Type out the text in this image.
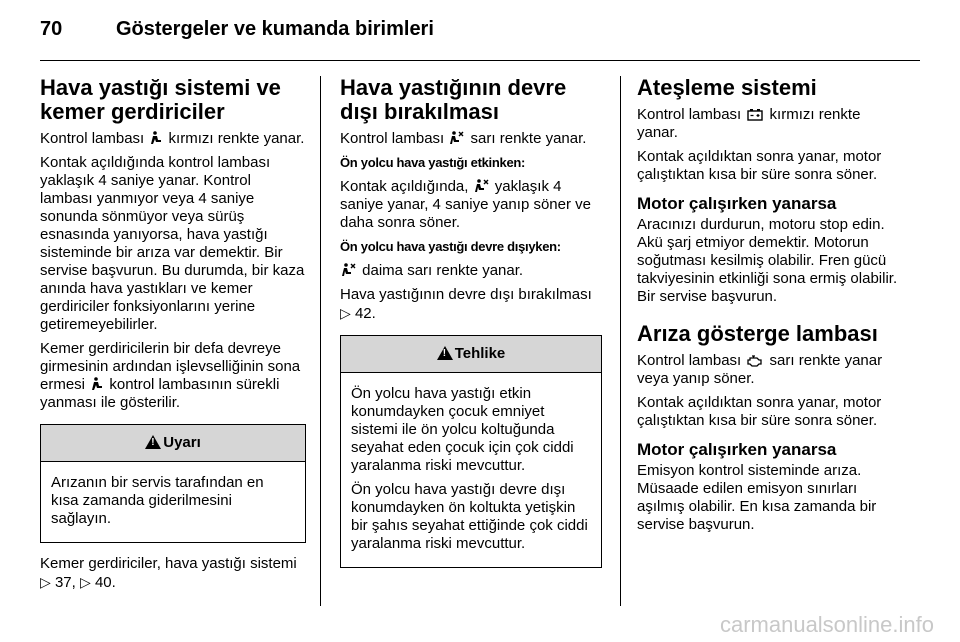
70	Göstergeler ve kumanda birimleri
Hava yastığı sistemi ve kemer gerdiriciler

Kontrol lambası  kırmızı renkte yanar.

Kontak açıldığında kontrol lambası yaklaşık 4 saniye yanar. Kontrol lambası yanmıyor veya 4 saniye sonunda sönmüyor veya sürüş esnasında yanıyorsa, hava yastığı sisteminde bir arıza var demektir. Bir servise başvurun. Bu durumda, bir kaza anında hava yastıkları ve kemer gerdiriciler fonksiyonlarını yerine getiremeyebilirler.

Kemer gerdiricilerin bir defa devreye girmesinin ardından işlevselliğinin sona ermesi  kontrol lambasının sürekli yanması ile gösterilir.

! Uyarı

Arızanın bir servis tarafından en kısa zamanda giderilmesini sağlayın.

Kemer gerdiriciler, hava yastığı sistemi ▷ 37, ▷ 40.

Hava yastığının devre dışı bırakılması

Kontrol lambası  sarı renkte yanar.

Ön yolcu hava yastığı etkinken:

Kontak açıldığında,  yaklaşık 4 saniye yanar, 4 saniye yanıp söner ve daha sonra söner.

Ön yolcu hava yastığı devre dışıyken:

daima sarı renkte yanar.

Hava yastığının devre dışı bırakılması ▷ 42.

! Tehlike

Ön yolcu hava yastığı etkin konumdayken çocuk emniyet sistemi ile ön yolcu koltuğunda seyahat eden çocuk için çok ciddi yaralanma riski mevcuttur.

Ön yolcu hava yastığı devre dışı konumdayken ön koltukta yetişkin bir şahıs seyahat ettiğinde çok ciddi yaralanma riski mevcuttur.

Ateşleme sistemi

Kontrol lambası  kırmızı renkte yanar.

Kontak açıldıktan sonra yanar, motor çalıştıktan kısa bir süre sonra söner.

Motor çalışırken yanarsa

Aracınızı durdurun, motoru stop edin. Akü şarj etmiyor demektir. Motorun soğutması kesilmiş olabilir. Fren gücü takviyesinin etkinliği sona ermiş olabilir. Bir servise başvurun.

Arıza gösterge lambası

Kontrol lambası  sarı renkte yanar veya yanıp söner.

Kontak açıldıktan sonra yanar, motor çalıştıktan kısa bir süre sonra söner.

Motor çalışırken yanarsa

Emisyon kontrol sisteminde arıza. Müsaade edilen emisyon sınırları aşılmış olabilir. En kısa zamanda bir servise başvurun.

carmanualsonline.info
